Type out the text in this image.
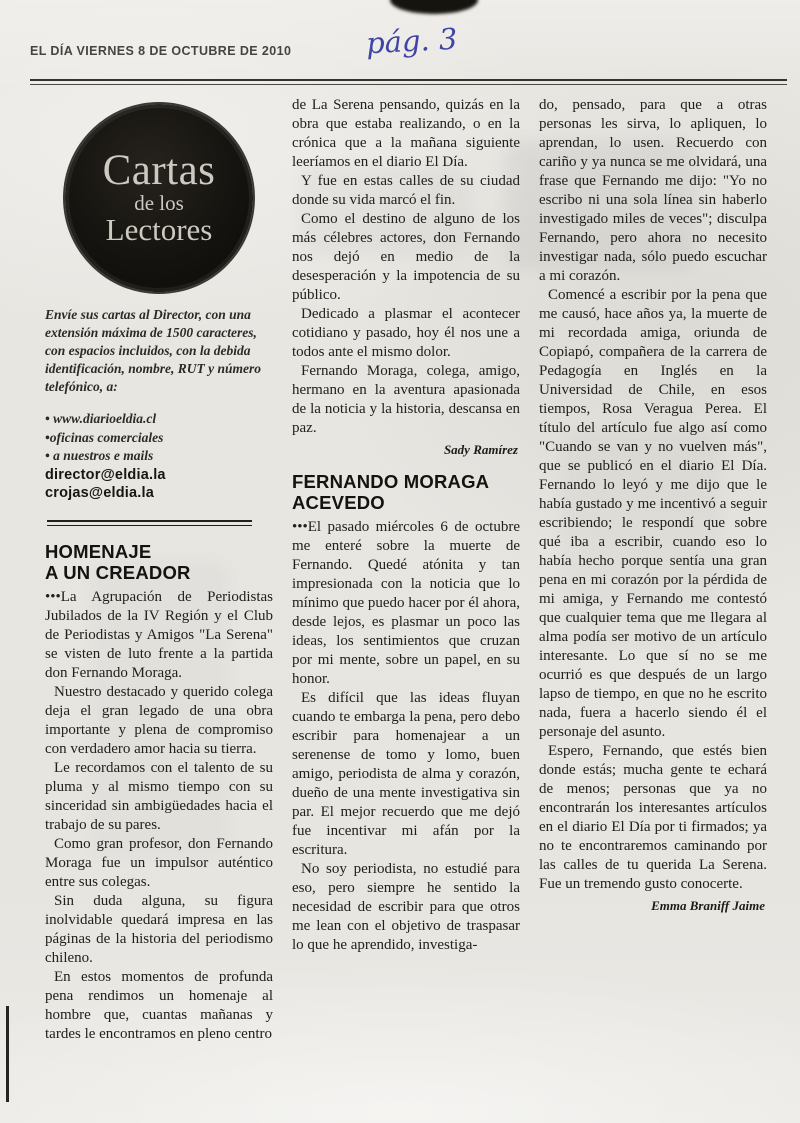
EL DÍA VIERNES 8 DE OCTUBRE DE 2010	pág. 3
Cartas
de los
Lectores
Envíe sus cartas al Director, con una extensión máxima de 1500 caracteres, con espacios incluidos, con la debida identificación, nombre, RUT y número telefónico, a:
• www.diarioeldia.cl
•oficinas comerciales
• a nuestros e mails
director@eldia.la
crojas@eldia.la
HOMENAJE
A UN CREADOR

•••La Agrupación de Periodistas Jubilados de la IV Región y el Club de Periodistas y Amigos "La Serena" se visten de luto frente a la partida don Fernando Moraga.

Nuestro destacado y querido colega deja el gran legado de una obra importante y plena de compromiso con verdadero amor hacia su tierra.

Le recordamos con el talento de su pluma y al mismo tiempo con su sinceridad sin ambigüedades hacia el trabajo de su pares.

Como gran profesor, don Fernando Moraga fue un impulsor auténtico entre sus colegas.

Sin duda alguna, su figura inolvidable quedará impresa en las páginas de la historia del periodismo chileno.

En estos momentos de profunda pena rendimos un homenaje al hombre que, cuantas mañanas y tardes le encontramos en pleno centro

de La Serena pensando, quizás en la obra que estaba realizando, o en la crónica que a la mañana siguiente leeríamos en el diario El Día.

Y fue en estas calles de su ciudad donde su vida marcó el fin.

Como el destino de alguno de los más célebres actores, don Fernando nos dejó en medio de la desesperación y la impotencia de su público.

Dedicado a plasmar el acontecer cotidiano y pasado, hoy él nos une a todos ante el mismo dolor.

Fernando Moraga, colega, amigo, hermano en la aventura apasionada de la noticia y la historia, descansa en paz.

Sady Ramírez
FERNANDO MORAGA
ACEVEDO

•••El pasado miércoles 6 de octubre me enteré sobre la muerte de Fernando. Quedé atónita y tan impresionada con la noticia que lo mínimo que puedo hacer por él ahora, desde lejos, es plasmar un poco las ideas, los sentimientos que cruzan por mi mente, sobre un papel, en su honor.

Es difícil que las ideas fluyan cuando te embarga la pena, pero debo escribir para homenajear a un serenense de tomo y lomo, buen amigo, periodista de alma y corazón, dueño de una mente investigativa sin par. El mejor recuerdo que me dejó fue incentivar mi afán por la escritura.

No soy periodista, no estudié para eso, pero siempre he sentido la necesidad de escribir para que otros me lean con el objetivo de traspasar lo que he aprendido, investiga-

do, pensado, para que a otras personas les sirva, lo apliquen, lo aprendan, lo usen. Recuerdo con cariño y ya nunca se me olvidará, una frase que Fernando me dijo: "Yo no escribo ni una sola línea sin haberlo investigado miles de veces"; disculpa Fernando, pero ahora no necesito investigar nada, sólo puedo escuchar a mi corazón.

Comencé a escribir por la pena que me causó, hace años ya, la muerte de mi recordada amiga, oriunda de Copiapó, compañera de la carrera de Pedagogía en Inglés en la Universidad de Chile, en esos tiempos, Rosa Veragua Perea. El título del artículo fue algo así como "Cuando se van y no vuelven más", que se publicó en el diario El Día. Fernando lo leyó y me dijo que le había gustado y me incentivó a seguir escribiendo; le respondí que sobre qué iba a escribir, cuando eso lo había hecho porque sentía una gran pena en mi corazón por la pérdida de mi amiga, y Fernando me contestó que cualquier tema que me llegara al alma podía ser motivo de un artículo interesante. Lo que sí no se me ocurrió es que después de un largo lapso de tiempo, en que no he escrito nada, fuera a hacerlo siendo él el personaje del asunto.

Espero, Fernando, que estés bien donde estás; mucha gente te echará de menos; personas que ya no encontrarán los interesantes artículos en el diario El Día por ti firmados; ya no te encontraremos caminando por las calles de tu querida La Serena. Fue un tremendo gusto conocerte.

Emma Braniff Jaime
